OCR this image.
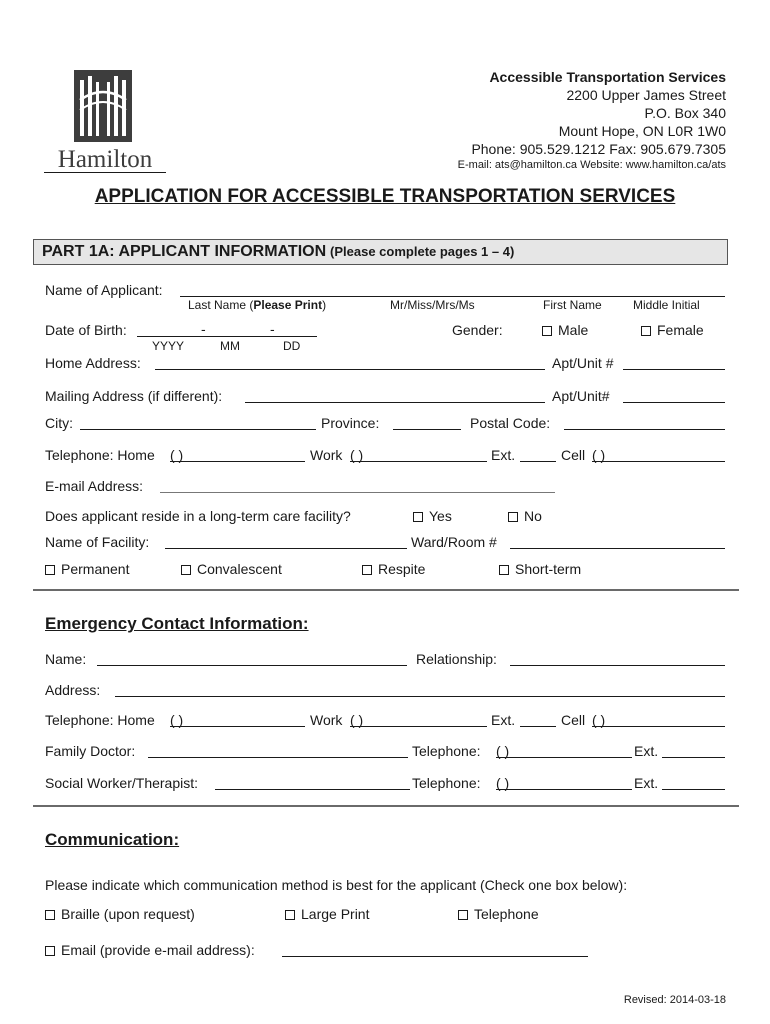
Hamilton
Accessible Transportation Services
2200 Upper James Street
P.O. Box 340
Mount Hope, ON L0R 1W0
Phone: 905.529.1212 Fax: 905.679.7305
E-mail: ats@hamilton.ca Website: www.hamilton.ca/ats
APPLICATION FOR ACCESSIBLE TRANSPORTATION SERVICES
PART 1A: APPLICANT INFORMATION (Please complete pages 1 – 4)
Name of Applicant:
Last Name (Please Print)	Mr/Miss/Mrs/Ms	First Name	Middle Initial
Date of Birth:	-	-
YYYY	MM	DD
Gender:	Male	Female
Home Address:	Apt/Unit #
Mailing Address (if different):	Apt/Unit#
City:	Province:	Postal Code:
Telephone: Home ( )	Work ( )	Ext.	Cell ( )
E-mail Address:
Does applicant reside in a long-term care facility?	Yes	No
Name of Facility:	Ward/Room #
Permanent	Convalescent	Respite	Short-term
Emergency Contact Information:
Name:	Relationship:
Address:
Telephone: Home ( )	Work ( )	Ext.	Cell ( )
Family Doctor:	Telephone: ( )	Ext.
Social Worker/Therapist:	Telephone: ( )	Ext.
Communication:
Please indicate which communication method is best for the applicant (Check one box below):
Braille (upon request)	Large Print	Telephone
Email (provide e-mail address):
Revised: 2014-03-18
